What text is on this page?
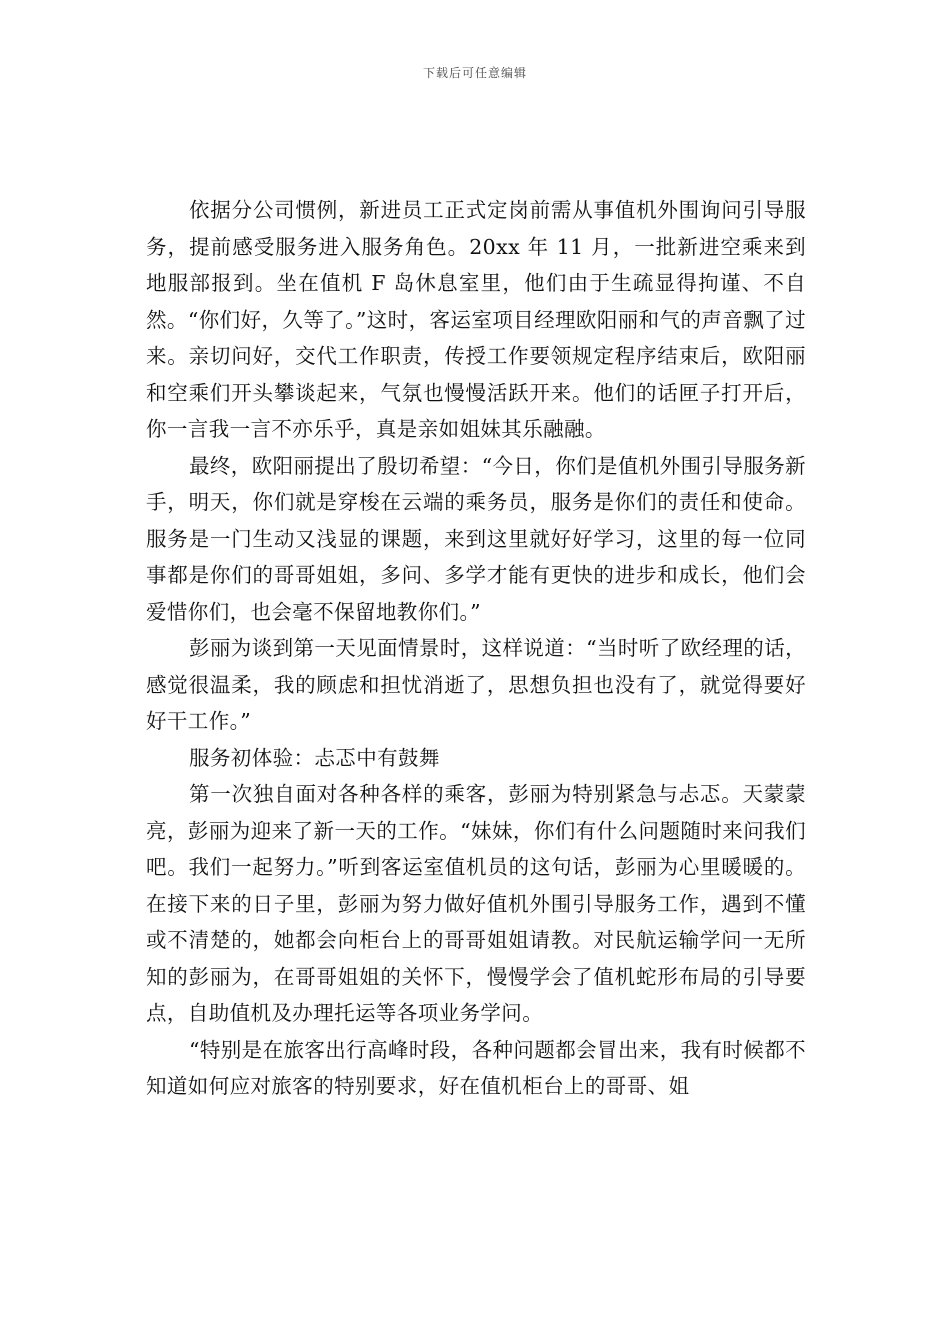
下载后可任意编辑

依据分公司惯例，新进员工正式定岗前需从事值机外围询问引导服务，提前感受服务进入服务角色。20xx 年 11 月，一批新进空乘来到地服部报到。坐在值机 F 岛休息室里，他们由于生疏显得拘谨、不自然。“你们好，久等了。”这时，客运室项目经理欧阳丽和气的声音飘了过来。亲切问好，交代工作职责，传授工作要领规定程序结束后，欧阳丽和空乘们开头攀谈起来，气氛也慢慢活跃开来。他们的话匣子打开后，你一言我一言不亦乐乎，真是亲如姐妹其乐融融。

最终，欧阳丽提出了殷切希望：“今日，你们是值机外围引导服务新手，明天，你们就是穿梭在云端的乘务员，服务是你们的责任和使命。服务是一门生动又浅显的课题，来到这里就好好学习，这里的每一位同事都是你们的哥哥姐姐，多问、多学才能有更快的进步和成长，他们会爱惜你们，也会毫不保留地教你们。”

彭丽为谈到第一天见面情景时，这样说道：“当时听了欧经理的话，感觉很温柔，我的顾虑和担忧消逝了，思想负担也没有了，就觉得要好好干工作。”

服务初体验：忐忑中有鼓舞

第一次独自面对各种各样的乘客，彭丽为特别紧急与忐忑。天蒙蒙亮，彭丽为迎来了新一天的工作。“妹妹，你们有什么问题随时来问我们吧。我们一起努力。”听到客运室值机员的这句话，彭丽为心里暖暖的。在接下来的日子里，彭丽为努力做好值机外围引导服务工作，遇到不懂或不清楚的，她都会向柜台上的哥哥姐姐请教。对民航运输学问一无所知的彭丽为，在哥哥姐姐的关怀下，慢慢学会了值机蛇形布局的引导要点，自助值机及办理托运等各项业务学问。

“特别是在旅客出行高峰时段，各种问题都会冒出来，我有时候都不知道如何应对旅客的特别要求，好在值机柜台上的哥哥、姐
